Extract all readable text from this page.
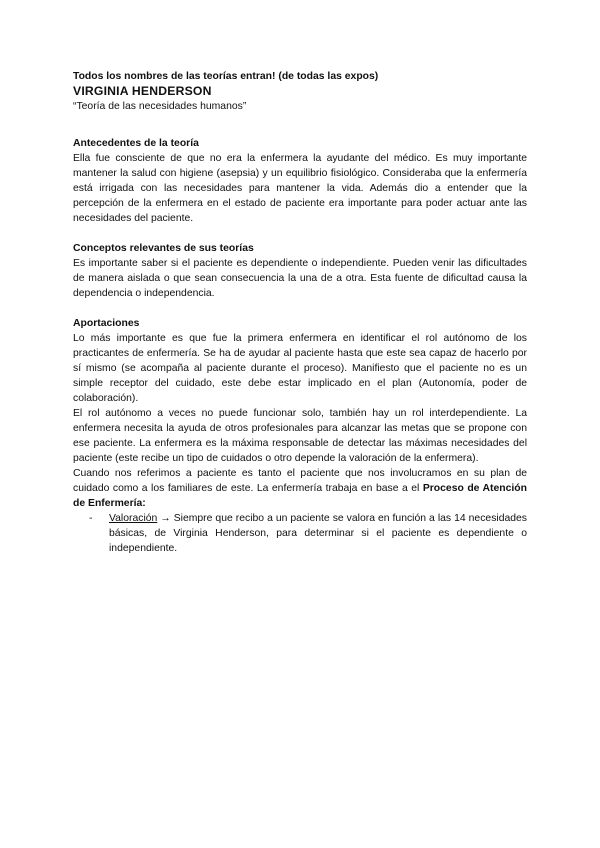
Todos los nombres de las teorías entran! (de todas las expos)
VIRGINIA HENDERSON
“Teoría de las necesidades humanos”
Antecedentes de la teoría

Ella fue consciente de que no era la enfermera la ayudante del médico. Es muy importante mantener la salud con higiene (asepsia) y un equilibrio fisiológico. Consideraba que la enfermería está irrigada con las necesidades para mantener la vida. Además dio a entender que la percepción de la enfermera en el estado de paciente era importante para poder actuar ante las necesidades del paciente.

Conceptos relevantes de sus teorías

Es importante saber si el paciente es dependiente o independiente. Pueden venir las dificultades de manera aislada o que sean consecuencia la una de a otra. Esta fuente de dificultad causa la dependencia o independencia.

Aportaciones

Lo más importante es que fue la primera enfermera en identificar el rol autónomo de los practicantes de enfermería. Se ha de ayudar al paciente hasta que este sea capaz de hacerlo por sí mismo (se acompaña al paciente durante el proceso). Manifiesto que el paciente no es un simple receptor del cuidado, este debe estar implicado en el plan (Autonomía, poder de colaboración).

El rol autónomo a veces no puede funcionar solo, también hay un rol interdependiente. La enfermera necesita la ayuda de otros profesionales para alcanzar las metas que se propone con ese paciente. La enfermera es la máxima responsable de detectar las máximas necesidades del paciente (este recibe un tipo de cuidados o otro depende la valoración de la enfermera).

Cuando nos referimos a paciente es tanto el paciente que nos involucramos en su plan de cuidado como a los familiares de este. La enfermería trabaja en base a el Proceso de Atención de Enfermería:

- Valoración → Siempre que recibo a un paciente se valora en función a las 14 necesidades básicas, de Virginia Henderson, para determinar si el paciente es dependiente o independiente.
